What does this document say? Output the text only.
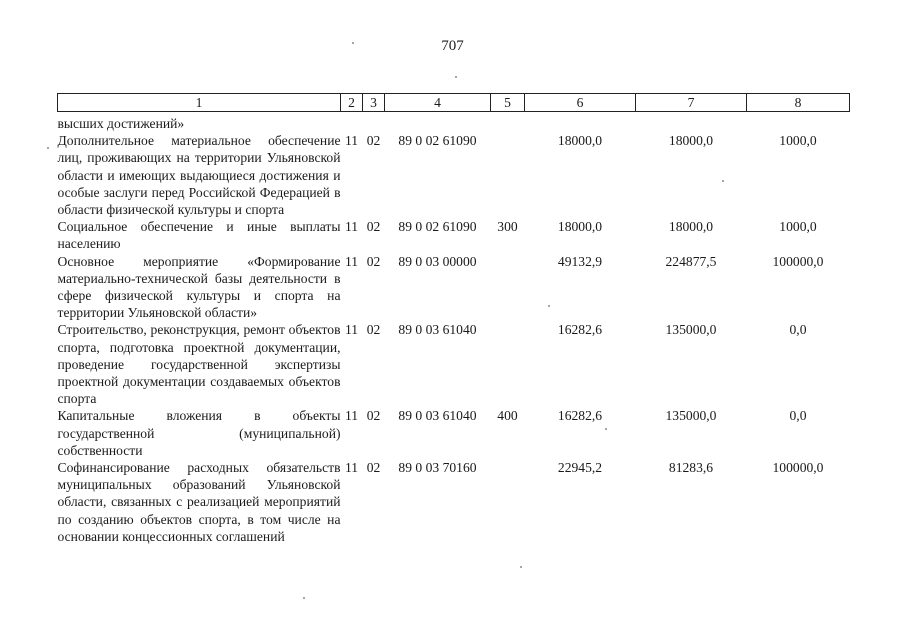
707
1	2	3	4	5	6	7	8

высших достижений»							
Дополнительное материальное обеспечение лиц, проживающих на территории Ульяновской области и имеющих выдающиеся достижения и особые заслуги перед Российской Федерацией в области физической культуры и спорта	11	02	89 0 02 61090		18000,0	18000,0	1000,0
Социальное обеспечение и иные выплаты населению	11	02	89 0 02 61090	300	18000,0	18000,0	1000,0
Основное мероприятие «Формирование материально-технической базы деятельности в сфере физической культуры и спорта на территории Ульяновской области»	11	02	89 0 03 00000		49132,9	224877,5	100000,0
Строительство, реконструкция, ремонт объектов спорта, подготовка проектной документации, проведение государственной экспертизы проектной документации создаваемых объектов спорта	11	02	89 0 03 61040		16282,6	135000,0	0,0
Капитальные вложения в объекты государственной (муниципальной) собственности	11	02	89 0 03 61040	400	16282,6	135000,0	0,0
Софинансирование расходных обязательств муниципальных образований Ульяновской области, связанных с реализацией мероприятий по созданию объектов спорта, в том числе на основании концессионных соглашений	11	02	89 0 03 70160		22945,2	81283,6	100000,0
